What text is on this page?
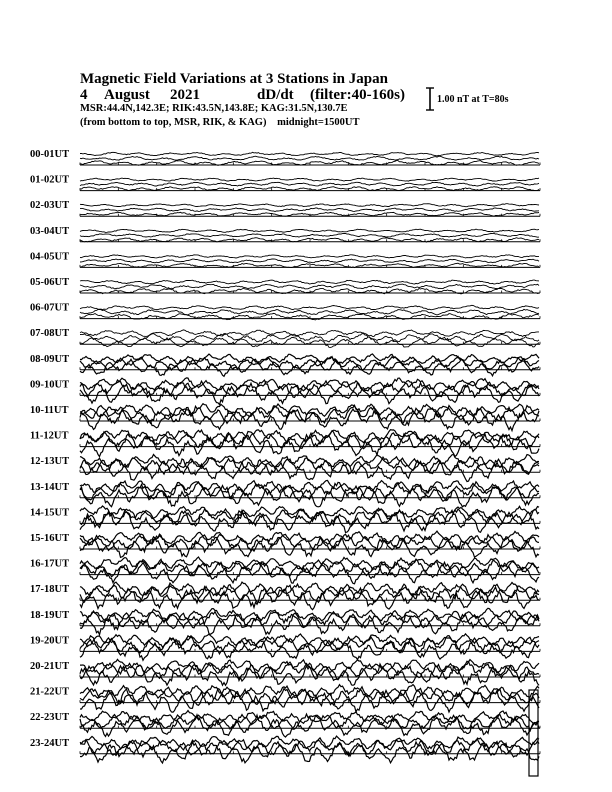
Magnetic Field Variations at 3 Stations in Japan
4 August 2021	dD/dt (filter:40-160s)
MSR:44.4N,142.3E; RIK:43.5N,143.8E; KAG:31.5N,130.7E
(from bottom to top, MSR, RIK, & KAG) midnight=1500UT
1.00 nT at T=80s
00-01UT
01-02UT
02-03UT
03-04UT
04-05UT
05-06UT
06-07UT
07-08UT
08-09UT
09-10UT
10-11UT
11-12UT
12-13UT
13-14UT
14-15UT
15-16UT
16-17UT
17-18UT
18-19UT
19-20UT
20-21UT
21-22UT
22-23UT
23-24UT
